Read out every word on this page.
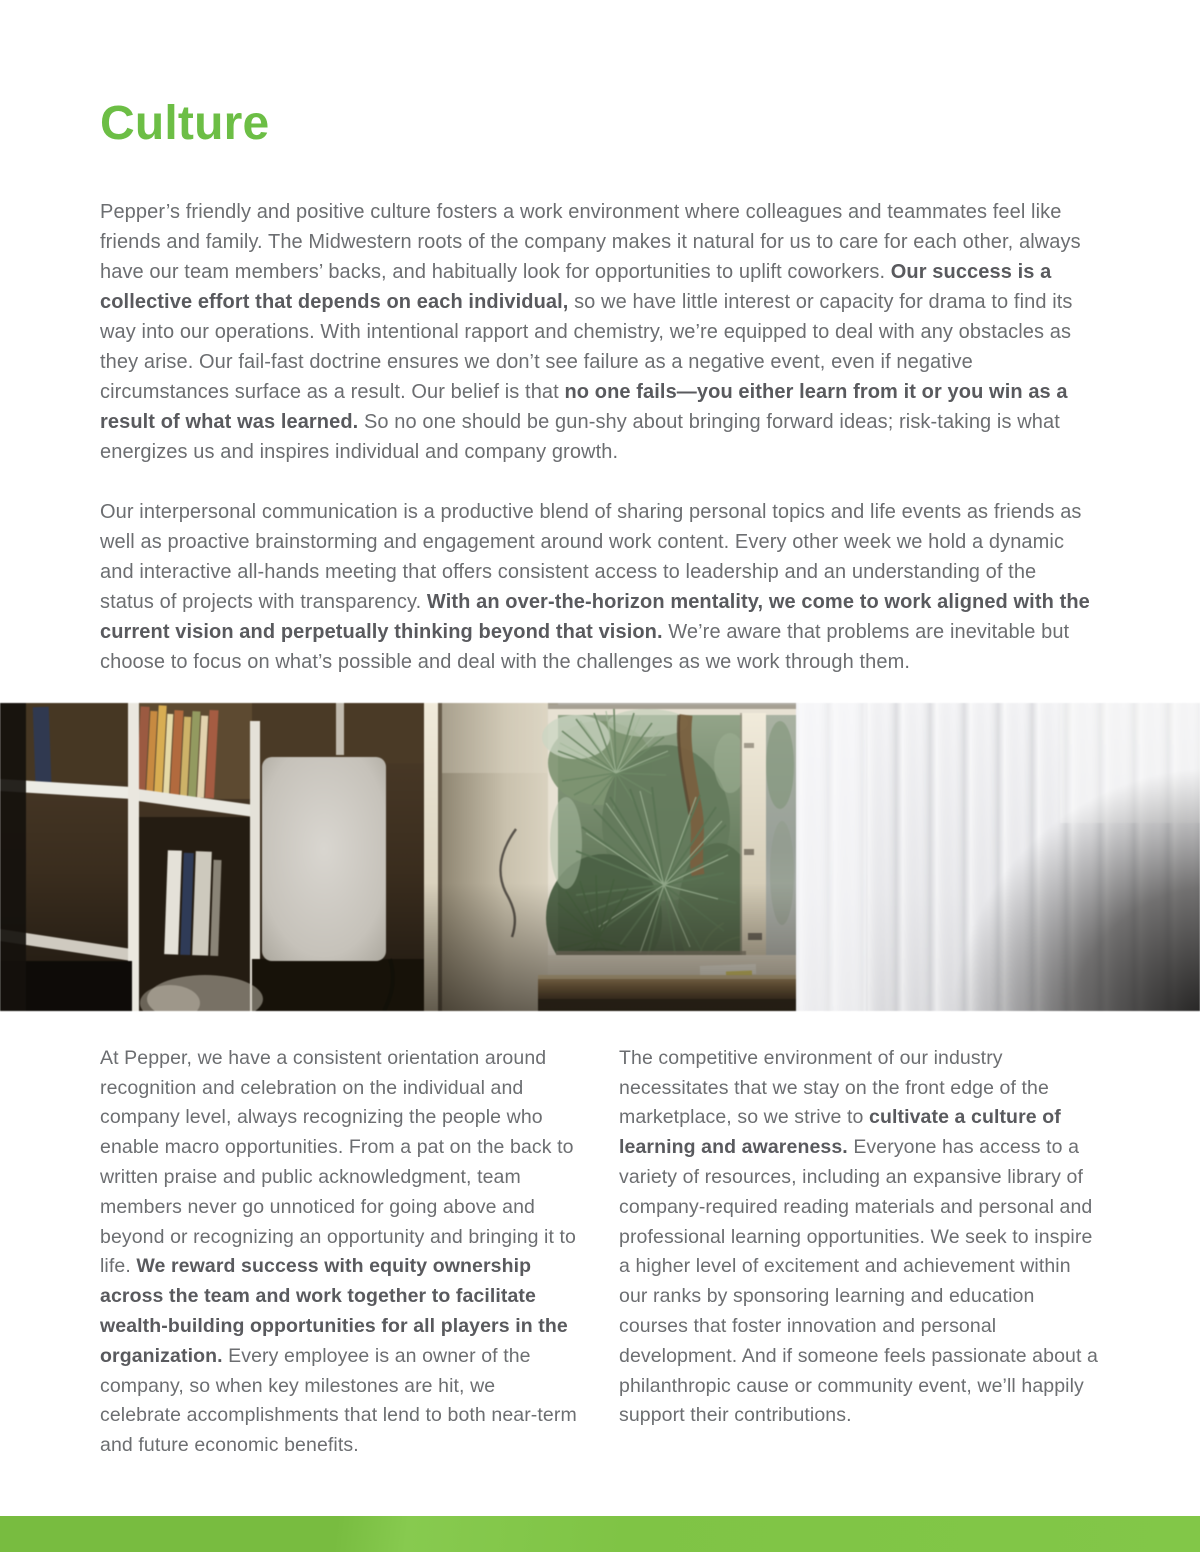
Culture

Pepper’s friendly and positive culture fosters a work environment where colleagues and teammates feel like friends and family. The Midwestern roots of the company makes it natural for us to care for each other, always have our team members’ backs, and habitually look for opportunities to uplift coworkers. Our success is a collective effort that depends on each individual, so we have little interest or capacity for drama to find its way into our operations. With intentional rapport and chemistry, we’re equipped to deal with any obstacles as they arise. Our fail-fast doctrine ensures we don’t see failure as a negative event, even if negative circumstances surface as a result. Our belief is that no one fails—you either learn from it or you win as a result of what was learned. So no one should be gun-shy about bringing forward ideas; risk-taking is what energizes us and inspires individual and company growth.

Our interpersonal communication is a productive blend of sharing personal topics and life events as friends as well as proactive brainstorming and engagement around work content. Every other week we hold a dynamic and interactive all-hands meeting that offers consistent access to leadership and an understanding of the status of projects with transparency. With an over-the-horizon mentality, we come to work aligned with the current vision and perpetually thinking beyond that vision. We’re aware that problems are inevitable but choose to focus on what’s possible and deal with the challenges as we work through them.

At Pepper, we have a consistent orientation around recognition and celebration on the individual and company level, always recognizing the people who enable macro opportunities. From a pat on the back to written praise and public acknowledgment, team members never go unnoticed for going above and beyond or recognizing an opportunity and bringing it to life. We reward success with equity ownership across the team and work together to facilitate wealth-building opportunities for all players in the organization. Every employee is an owner of the company, so when key milestones are hit, we celebrate accomplishments that lend to both near-term and future economic benefits.

The competitive environment of our industry necessitates that we stay on the front edge of the marketplace, so we strive to cultivate a culture of learning and awareness. Everyone has access to a variety of resources, including an expansive library of company-required reading materials and personal and professional learning opportunities. We seek to inspire a higher level of excitement and achievement within our ranks by sponsoring learning and education courses that foster innovation and personal development. And if someone feels passionate about a philanthropic cause or community event, we’ll happily support their contributions.
